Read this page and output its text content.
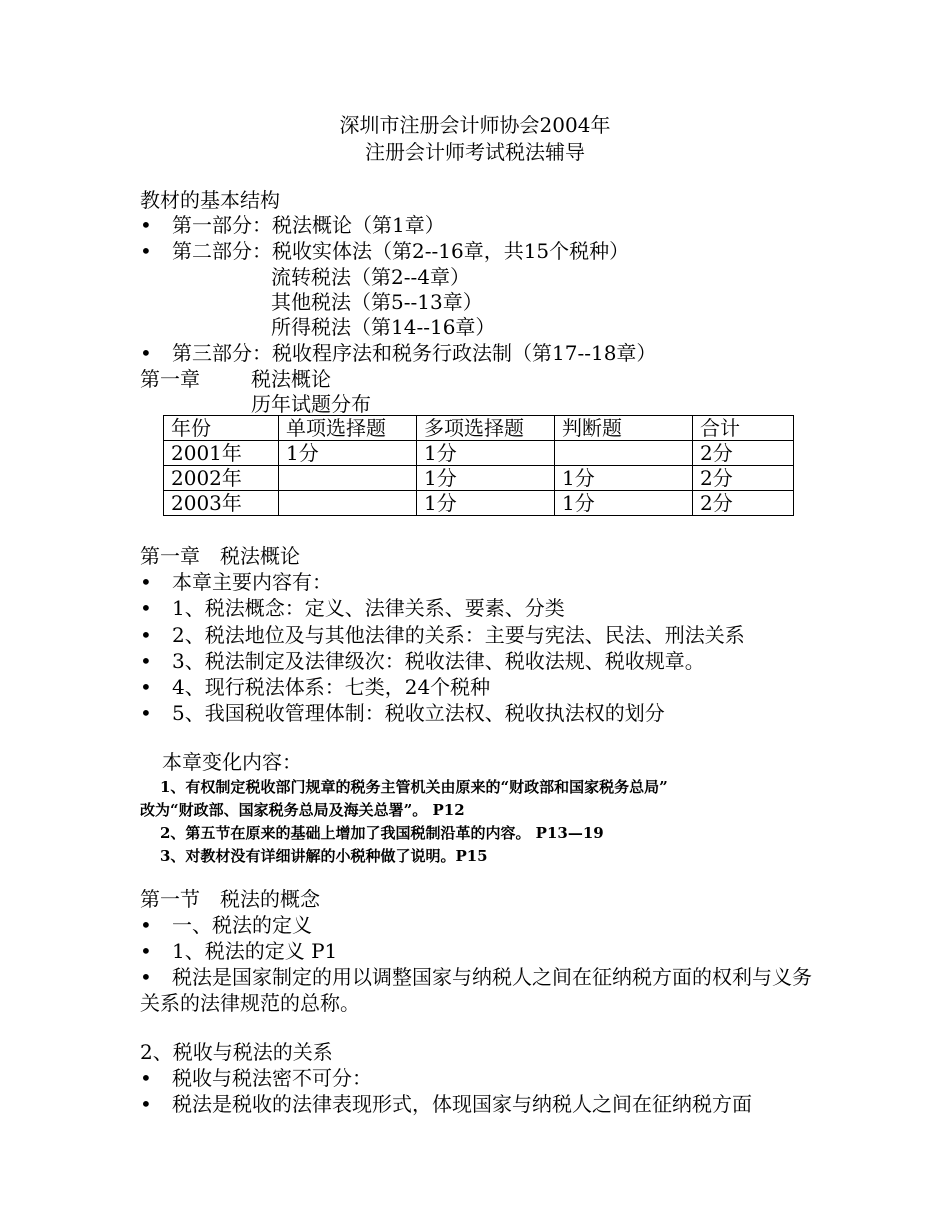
深圳市注册会计师协会2004年
注册会计师考试税法辅导
教材的基本结构
• 第一部分：税法概论（第1章）
• 第二部分：税收实体法（第2--16章，共15个税种）
流转税法（第2--4章）
其他税法（第5--13章）
所得税法（第14--16章）
• 第三部分：税收程序法和税务行政法制（第17--18章）
第一章	税法概论
历年试题分布
年份	单项选择题	多项选择题	判断题	合计
2001年	1分	1分		2分
2002年		1分	1分	2分
2003年		1分	1分	2分
第一章　税法概论
• 本章主要内容有：
• 1、税法概念：定义、法律关系、要素、分类
• 2、税法地位及与其他法律的关系：主要与宪法、民法、刑法关系
• 3、税法制定及法律级次：税收法律、税收法规、税收规章。
• 4、现行税法体系：七类，24个税种
• 5、我国税收管理体制：税收立法权、税收执法权的划分
本章变化内容：
1、有权制定税收部门规章的税务主管机关由原来的“财政部和国家税务总局”
改为“财政部、国家税务总局及海关总署”。 P12
2、第五节在原来的基础上增加了我国税制沿革的内容。 P13—19
3、对教材没有详细讲解的小税种做了说明。P15
第一节　税法的概念
• 一、税法的定义
• 1、税法的定义 P1
• 税法是国家制定的用以调整国家与纳税人之间在征纳税方面的权利与义务关系的法律规范的总称。
2、税收与税法的关系
• 税收与税法密不可分：
• 税法是税收的法律表现形式，体现国家与纳税人之间在征纳税方面
